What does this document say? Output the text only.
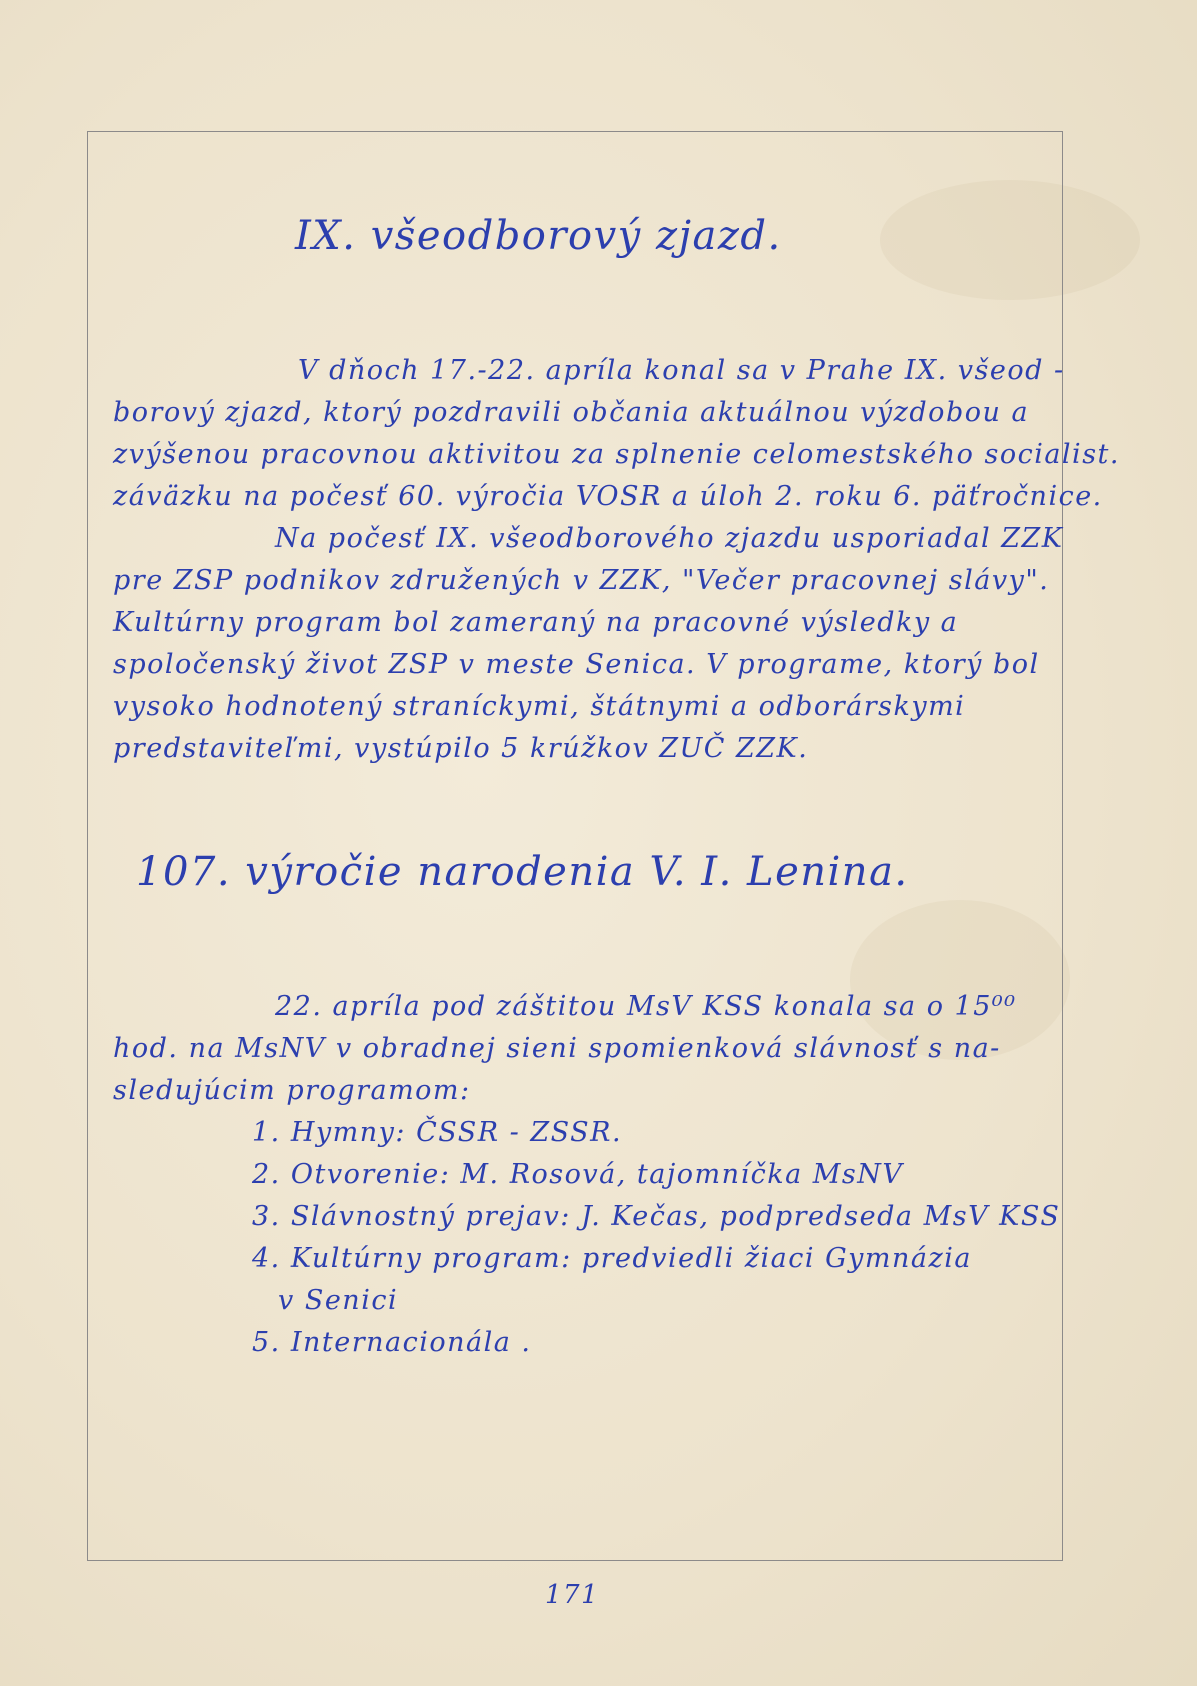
IX. všeodborový zjazd.
V dňoch 17.-22. apríla konal sa v Prahe IX. všeod -
borový zjazd, ktorý pozdravili občania aktuálnou výzdobou a
zvýšenou pracovnou aktivitou za splnenie celomestského socialist.
záväzku na počesť 60. výročia VOSR a úloh 2. roku 6. päťročnice.
Na počesť IX. všeodborového zjazdu usporiadal ZZK
pre ZSP podnikov združených v ZZK, "Večer pracovnej slávy".
Kultúrny program bol zameraný na pracovné výsledky a
spoločenský život ZSP v meste Senica. V programe, ktorý bol
vysoko hodnotený straníckymi, štátnymi a odborárskymi
predstaviteľmi, vystúpilo 5 krúžkov ZUČ ZZK.
107. výročie narodenia V. I. Lenina.
22. apríla pod záštitou MsV KSS konala sa o 15⁰⁰
hod. na MsNV v obradnej sieni spomienková slávnosť s na-
sledujúcim programom:
1. Hymny: ČSSR - ZSSR.
2. Otvorenie: M. Rosová, tajomníčka MsNV
3. Slávnostný prejav: J. Kečas, podpredseda MsV KSS
4. Kultúrny program: predviedli žiaci Gymnázia
v Senici
5. Internacionála .
171
